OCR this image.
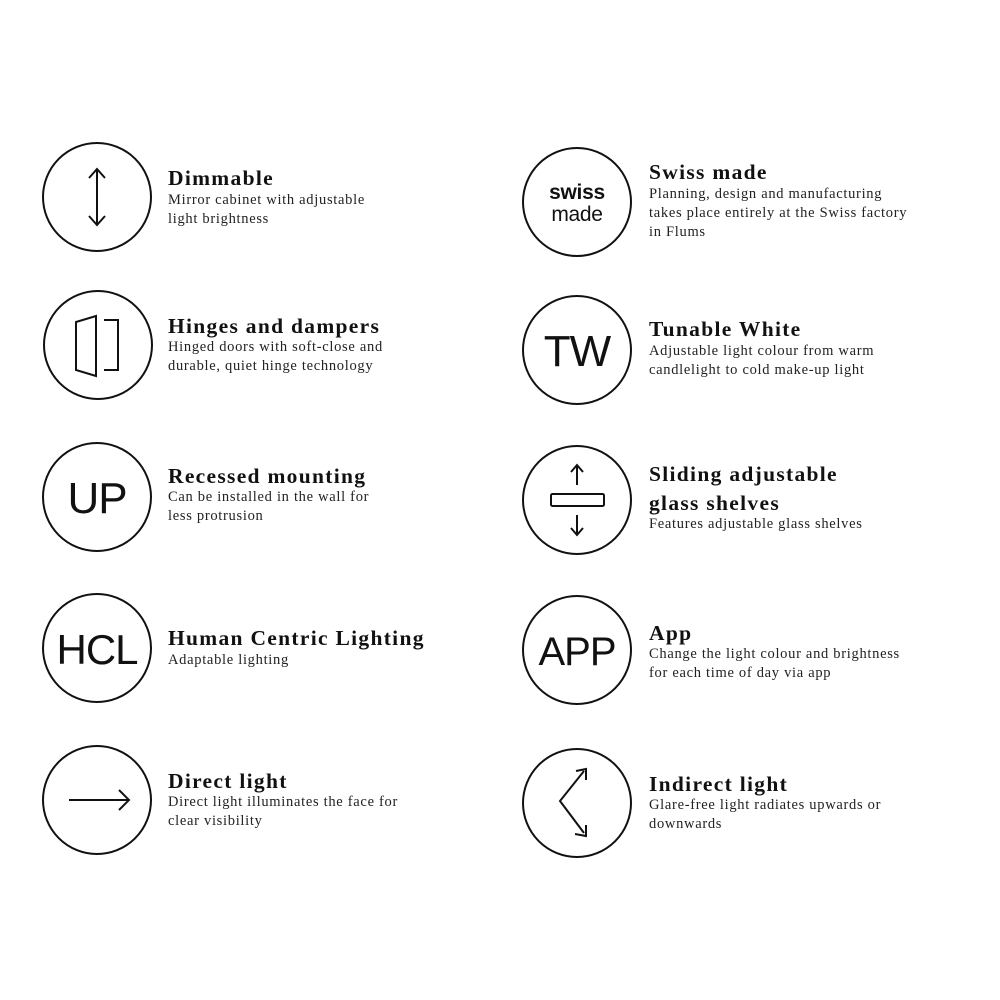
Dimmable
Mirror cabinet with adjustable
light brightness
swiss
made
Swiss made
Planning, design and manufacturing
takes place entirely at the Swiss factory
in Flums
Hinges and dampers
Hinged doors with soft-close and
durable, quiet hinge technology	TW Tunable White
Adjustable light colour from warm
candlelight to cold make-up light
UP Recessed mounting
Can be installed in the wall for
less protrusion
Sliding adjustable
glass shelves
Features adjustable glass shelves
HCL Human Centric Lighting
Adaptable lighting	APP App
Change the light colour and brightness
for each time of day via app
Direct light
Direct light illuminates the face for
clear visibility
Indirect light
Glare-free light radiates upwards or
downwards
